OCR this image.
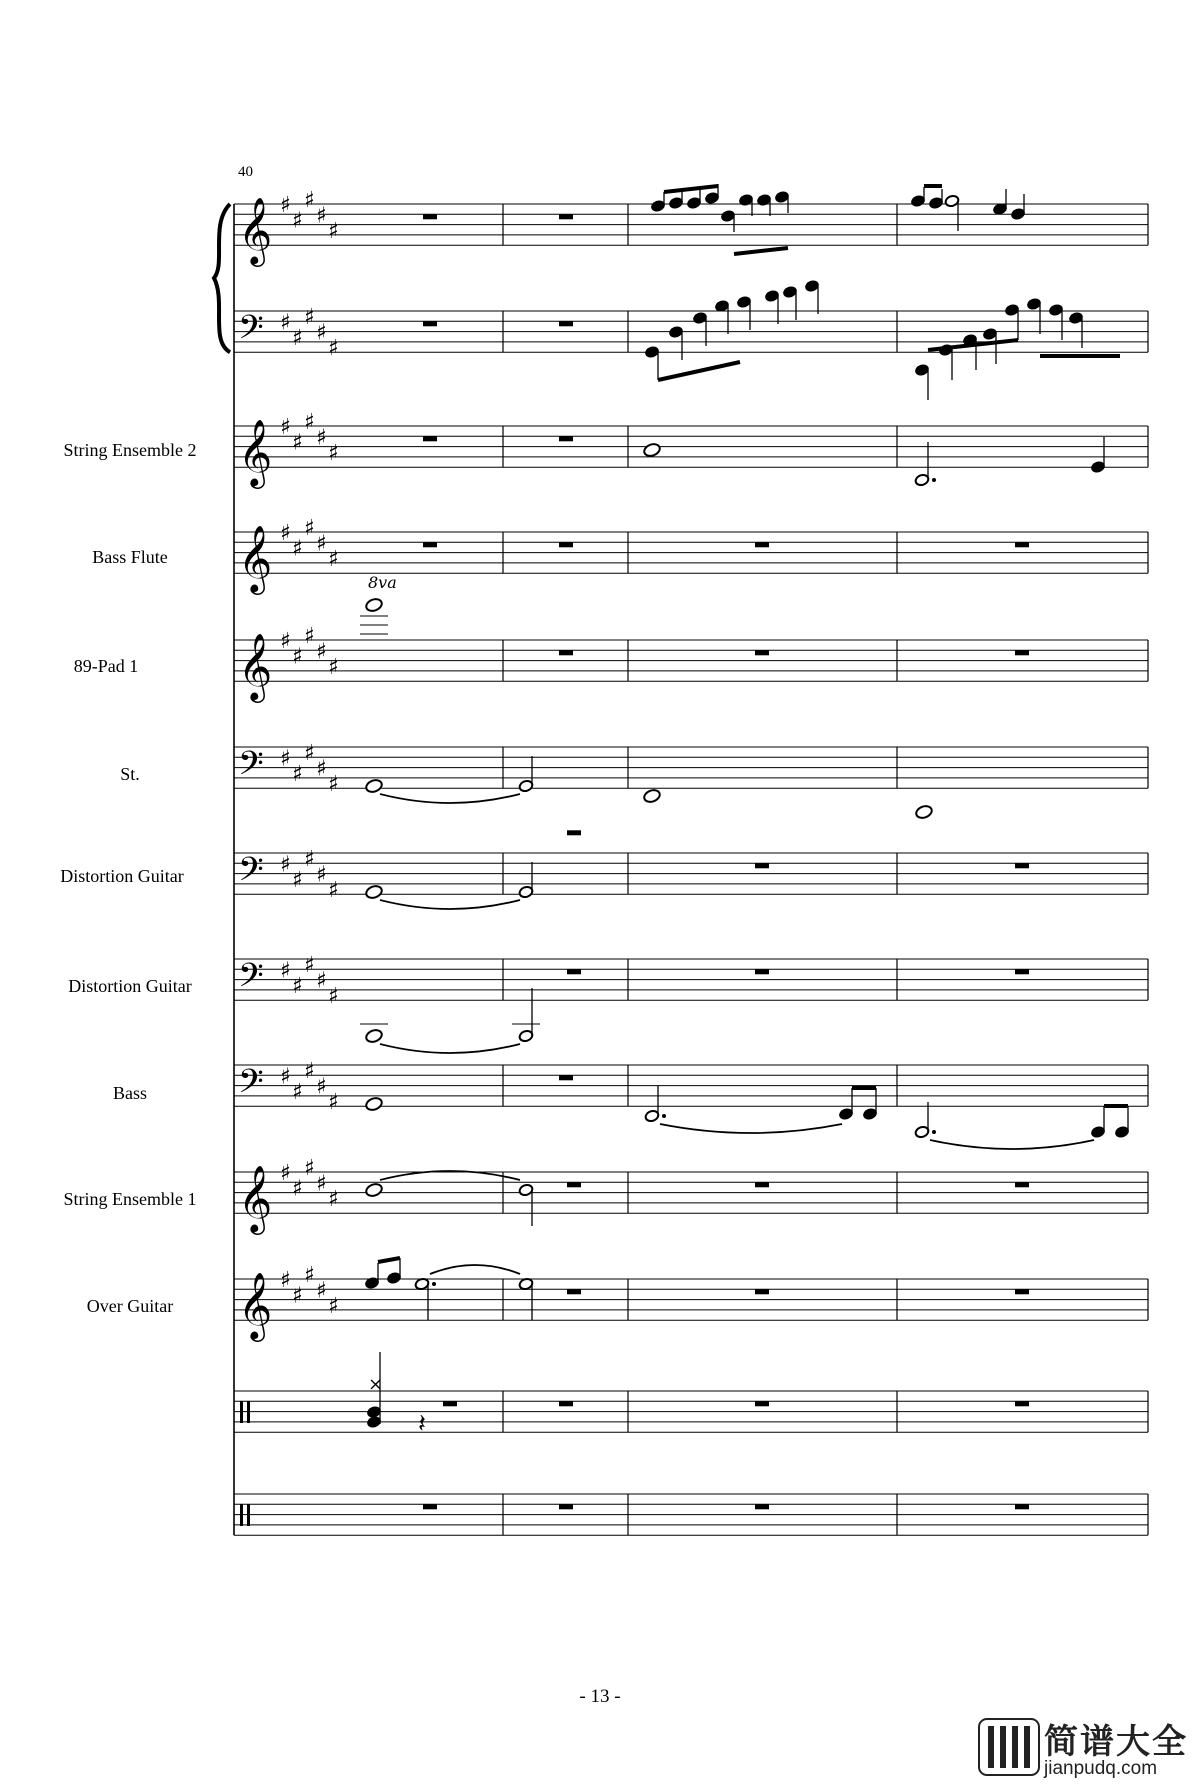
𝄞 ♯
♯
♯
♯
♯
𝄢 ♯
♯
♯
♯
♯
𝄞 ♯
♯
♯
♯
♯
𝄞 ♯
♯
♯
♯
♯
𝄞 ♯
♯
♯
♯
♯
𝄢 ♯
♯
♯
♯
♯
𝄢 ♯
♯
♯
♯
♯
𝄢 ♯
♯
♯
♯
♯
𝄢 ♯
♯
♯
♯
♯
𝄞 ♯
♯
♯
♯
♯
𝄞 ♯
♯
♯
♯
♯
8va
×
𝄽
40
String Ensemble 2
Bass Flute
89-Pad 1
St.
Distortion Guitar
Distortion Guitar
Bass
String Ensemble 1
Over Guitar
- 13 -
简谱大全
jianpudq.com
